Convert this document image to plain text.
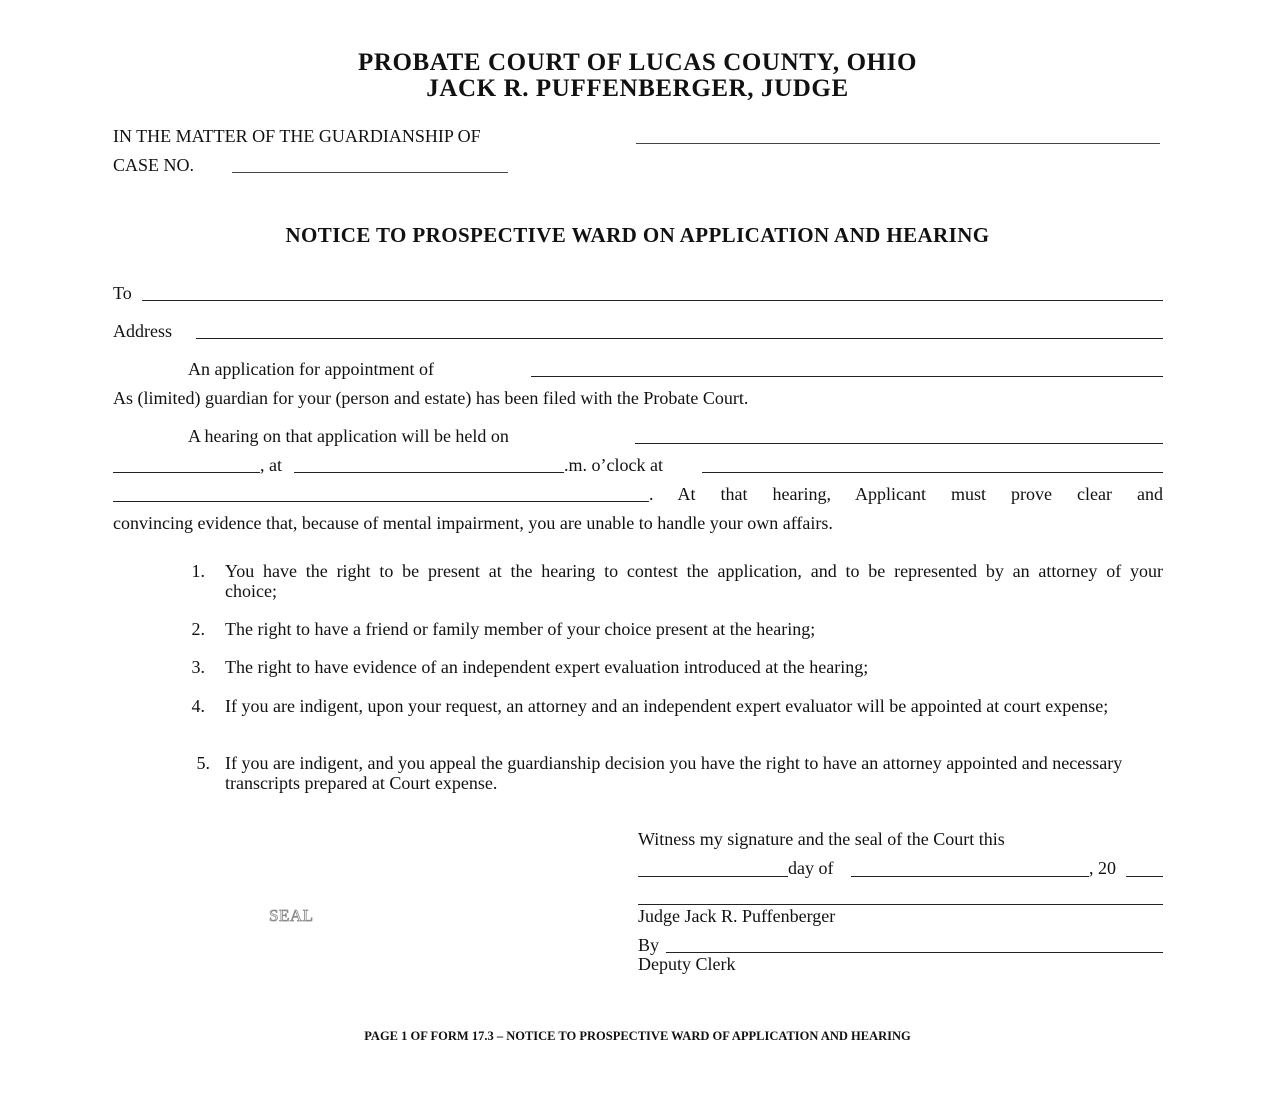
PROBATE COURT OF LUCAS COUNTY, OHIO
JACK R. PUFFENBERGER, JUDGE
IN THE MATTER OF THE GUARDIANSHIP OF
CASE NO.
NOTICE TO PROSPECTIVE WARD ON APPLICATION AND HEARING
To
Address
An application for appointment of
As (limited) guardian for your (person and estate) has been filed with the Probate Court.
A hearing on that application will be held on
, at	.m. o’clock at
. At that hearing, Applicant must prove clear and
convincing evidence that, because of mental impairment, you are unable to handle your own affairs.
1. You have the right to be present at the hearing to contest the application, and to be represented by an attorney of your choice;
2. The right to have a friend or family member of your choice present at the hearing;
3. The right to have evidence of an independent expert evaluation introduced at the hearing;
4. If you are indigent, upon your request, an attorney and an independent expert evaluator will be appointed at court expense;
5. If you are indigent, and you appeal the guardianship decision you have the right to have an attorney appointed and necessary transcripts prepared at Court expense.
Witness my signature and the seal of the Court this
day of	, 20
Judge Jack R. Puffenberger
SEAL
By
Deputy Clerk
PAGE 1 OF FORM 17.3 – NOTICE TO PROSPECTIVE WARD OF APPLICATION AND HEARING
